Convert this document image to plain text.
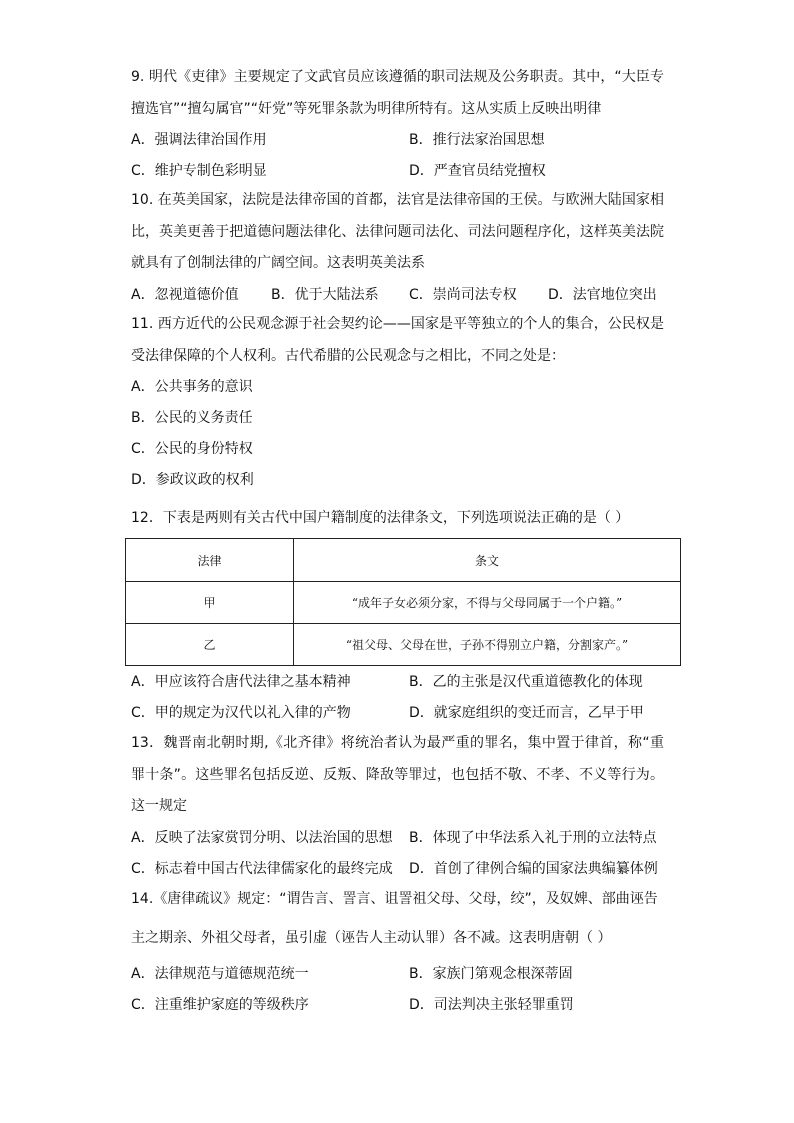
9. 明代《吏律》主要规定了文武官员应该遵循的职司法规及公务职责。其中，“大臣专擅选官”“擅勾属官”“奸党”等死罪条款为明律所特有。这从实质上反映出明律
A．强调法律治国作用	B．推行法家治国思想
C．维护专制色彩明显	D．严查官员结党擅权
10. 在英美国家，法院是法律帝国的首都，法官是法律帝国的王侯。与欧洲大陆国家相比，英美更善于把道德问题法律化、法律问题司法化、司法问题程序化，这样英美法院就具有了创制法律的广阔空间。这表明英美法系
A．忽视道德价值 B．优于大陆法系 C．崇尚司法专权 D．法官地位突出
11. 西方近代的公民观念源于社会契约论——国家是平等独立的个人的集合，公民权是受法律保障的个人权利。古代希腊的公民观念与之相比，不同之处是：
A．公共事务的意识
B．公民的义务责任
C．公民的身份特权
D．参政议政的权利
12．下表是两则有关古代中国户籍制度的法律条文，下列选项说法正确的是（ ）
法律	条文
甲	“成年子女必须分家，不得与父母同属于一个户籍。”
乙	“祖父母、父母在世，子孙不得别立户籍，分割家产。”
A．甲应该符合唐代法律之基本精神	B．乙的主张是汉代重道德教化的体现
C．甲的规定为汉代以礼入律的产物	D．就家庭组织的变迁而言，乙早于甲
13．魏晋南北朝时期,《北齐律》将统治者认为最严重的罪名，集中置于律首，称“重罪十条”。这些罪名包括反逆、反叛、降敌等罪过，也包括不敬、不孝、不义等行为。这一规定
A．反映了法家赏罚分明、以法治国的思想 B．体现了中华法系入礼于刑的立法特点
C．标志着中国古代法律儒家化的最终完成 D．首创了律例合编的国家法典编纂体例
14.《唐律疏议》规定：“谓告言、詈言、诅詈祖父母、父母，绞”，及奴婢、部曲诬告
主之期亲、外祖父母者，虽引虚（诬告人主动认罪）各不减。这表明唐朝（ ）
A．法律规范与道德规范统一	B．家族门第观念根深蒂固
C．注重维护家庭的等级秩序	D．司法判决主张轻罪重罚
